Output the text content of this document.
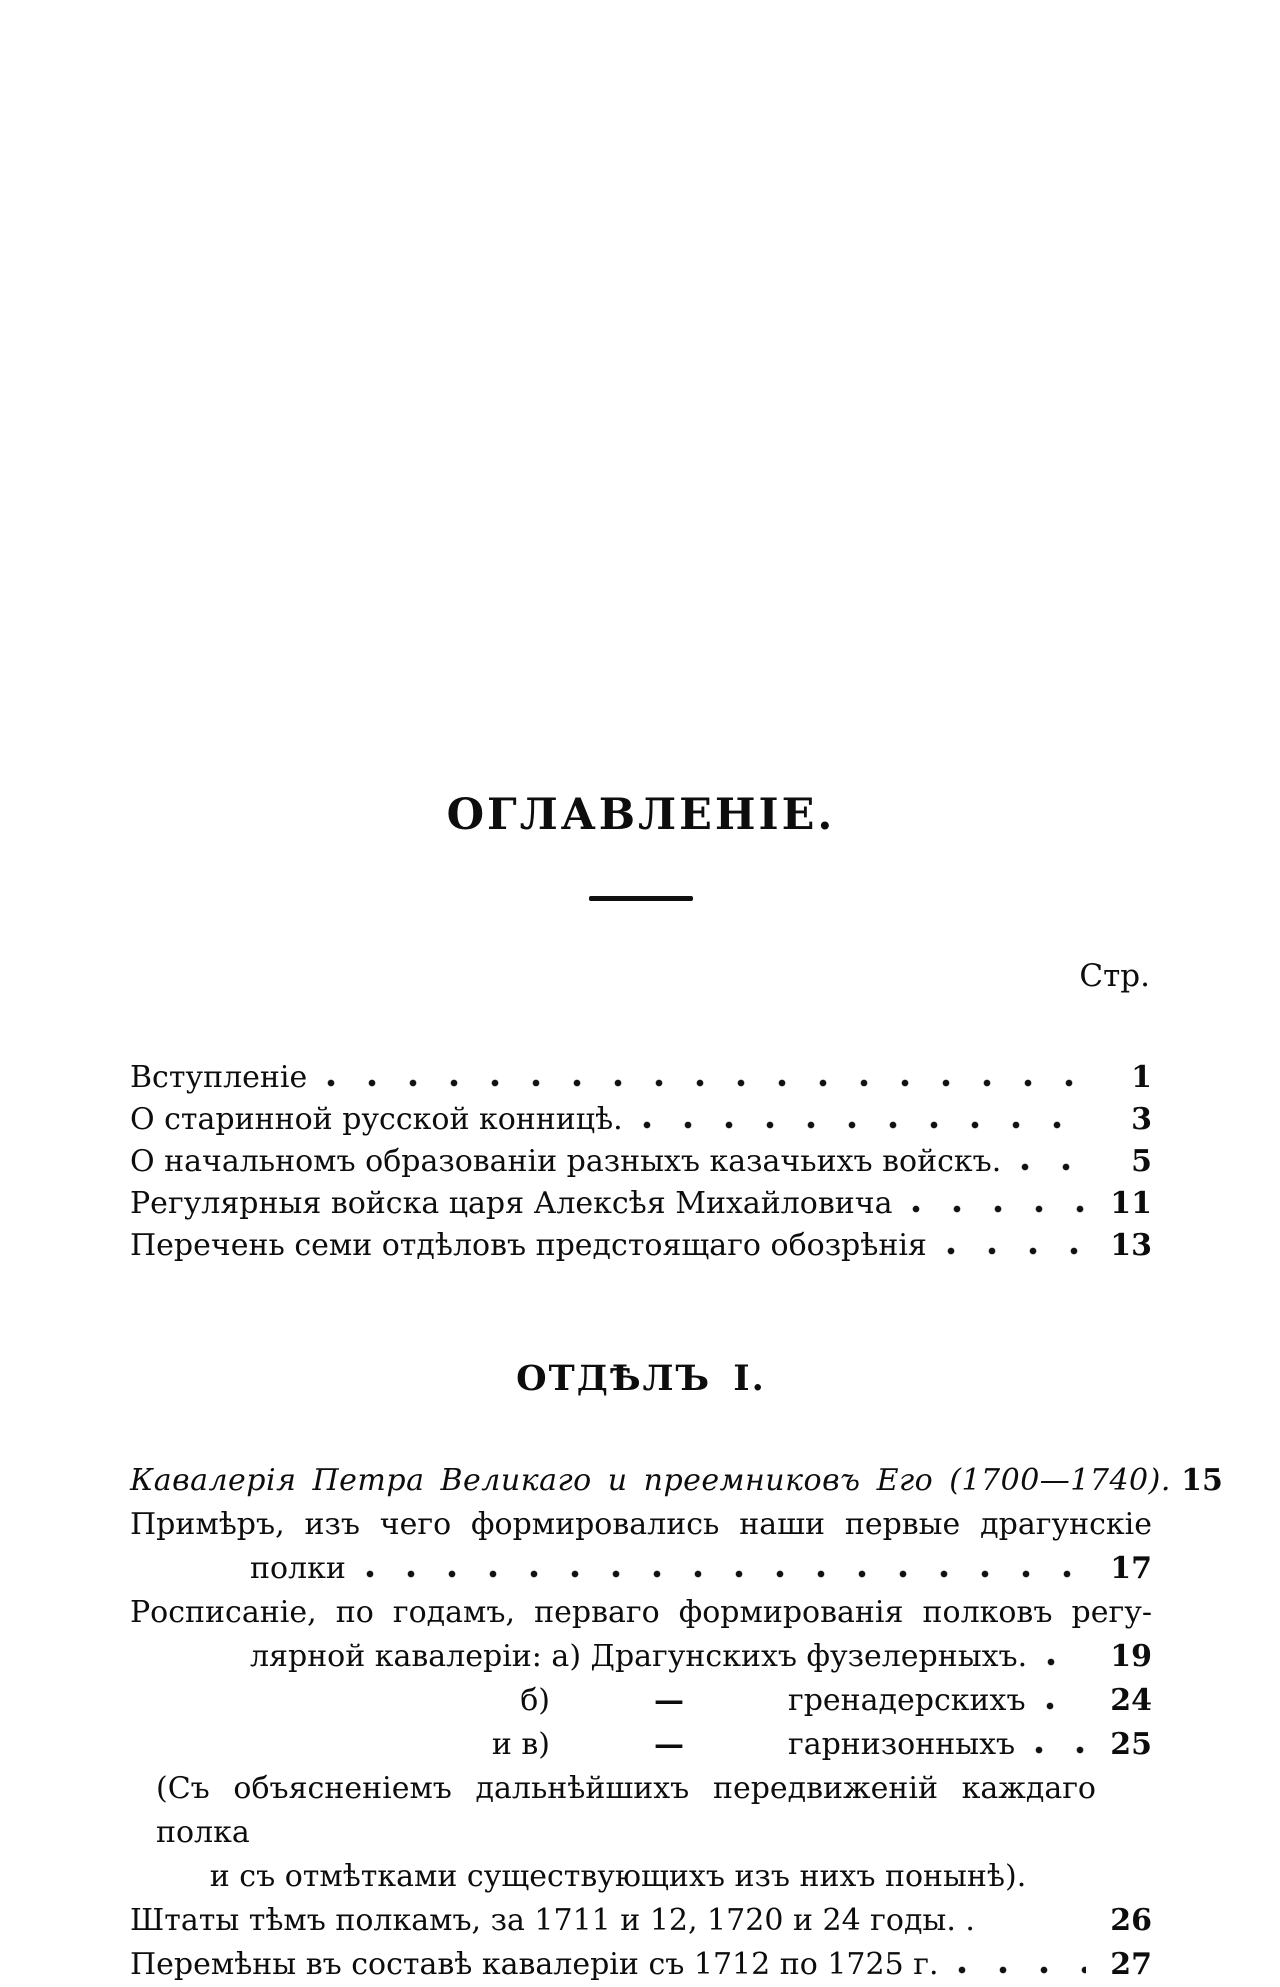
ОГЛАВЛЕНІЕ.
Стр.
Вступленіе	1
О старинной русской конницѣ.	3
О начальномъ образованіи разныхъ казачьихъ войскъ.	5
Регулярныя войска царя Алексѣя Михайловича	11
Перечень семи отдѣловъ предстоящаго обозрѣнія	13
ОТДѢЛЪ I.
Кавалерія Петра Великаго и преемниковъ Его (1700—1740). 15
Примѣръ, изъ чего формировались наши первые драгунскіе
полки	17
Росписаніе, по годамъ, перваго формированія полковъ регу-
лярной кавалеріи: а) Драгунскихъ фузелерныхъ.	19
б)	—	гренадерскихъ	24
и в)	—	гарнизонныхъ	25
(Съ объясненіемъ дальнѣйшихъ передвиженій каждаго полка
и съ отмѣтками существующихъ изъ нихъ понынѣ).
Штаты тѣмъ полкамъ, за 1711 и 12, 1720 и 24 годы. .	26
Перемѣны въ составѣ кавалеріи съ 1712 по 1725 г.	27
